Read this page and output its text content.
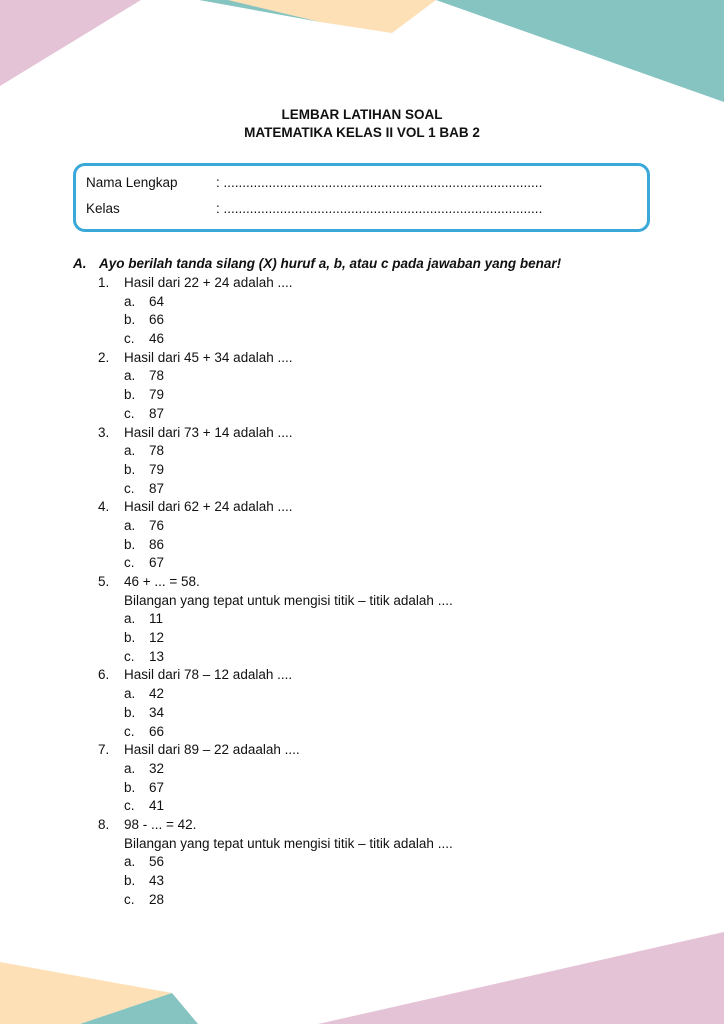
LEMBAR LATIHAN SOAL
MATEMATIKA KELAS II VOL 1 BAB 2
Nama Lengkap	: .....................................................................................
Kelas	: .....................................................................................
A. Ayo berilah tanda silang (X) huruf a, b, atau c pada jawaban yang benar!
1. Hasil dari 22 + 24 adalah ....
a. 64
b. 66
c. 46
2. Hasil dari 45 + 34 adalah ....
a. 78
b. 79
c. 87
3. Hasil dari 73 + 14 adalah ....
a. 78
b. 79
c. 87
4. Hasil dari 62 + 24 adalah ....
a. 76
b. 86
c. 67
5. 46 + ... = 58.
Bilangan yang tepat untuk mengisi titik – titik adalah ....
a. 11
b. 12
c. 13
6. Hasil dari 78 – 12 adalah ....
a. 42
b. 34
c. 66
7. Hasil dari 89 – 22 adaalah ....
a. 32
b. 67
c. 41
8. 98 - ... = 42.
Bilangan yang tepat untuk mengisi titik – titik adalah ....
a. 56
b. 43
c. 28
